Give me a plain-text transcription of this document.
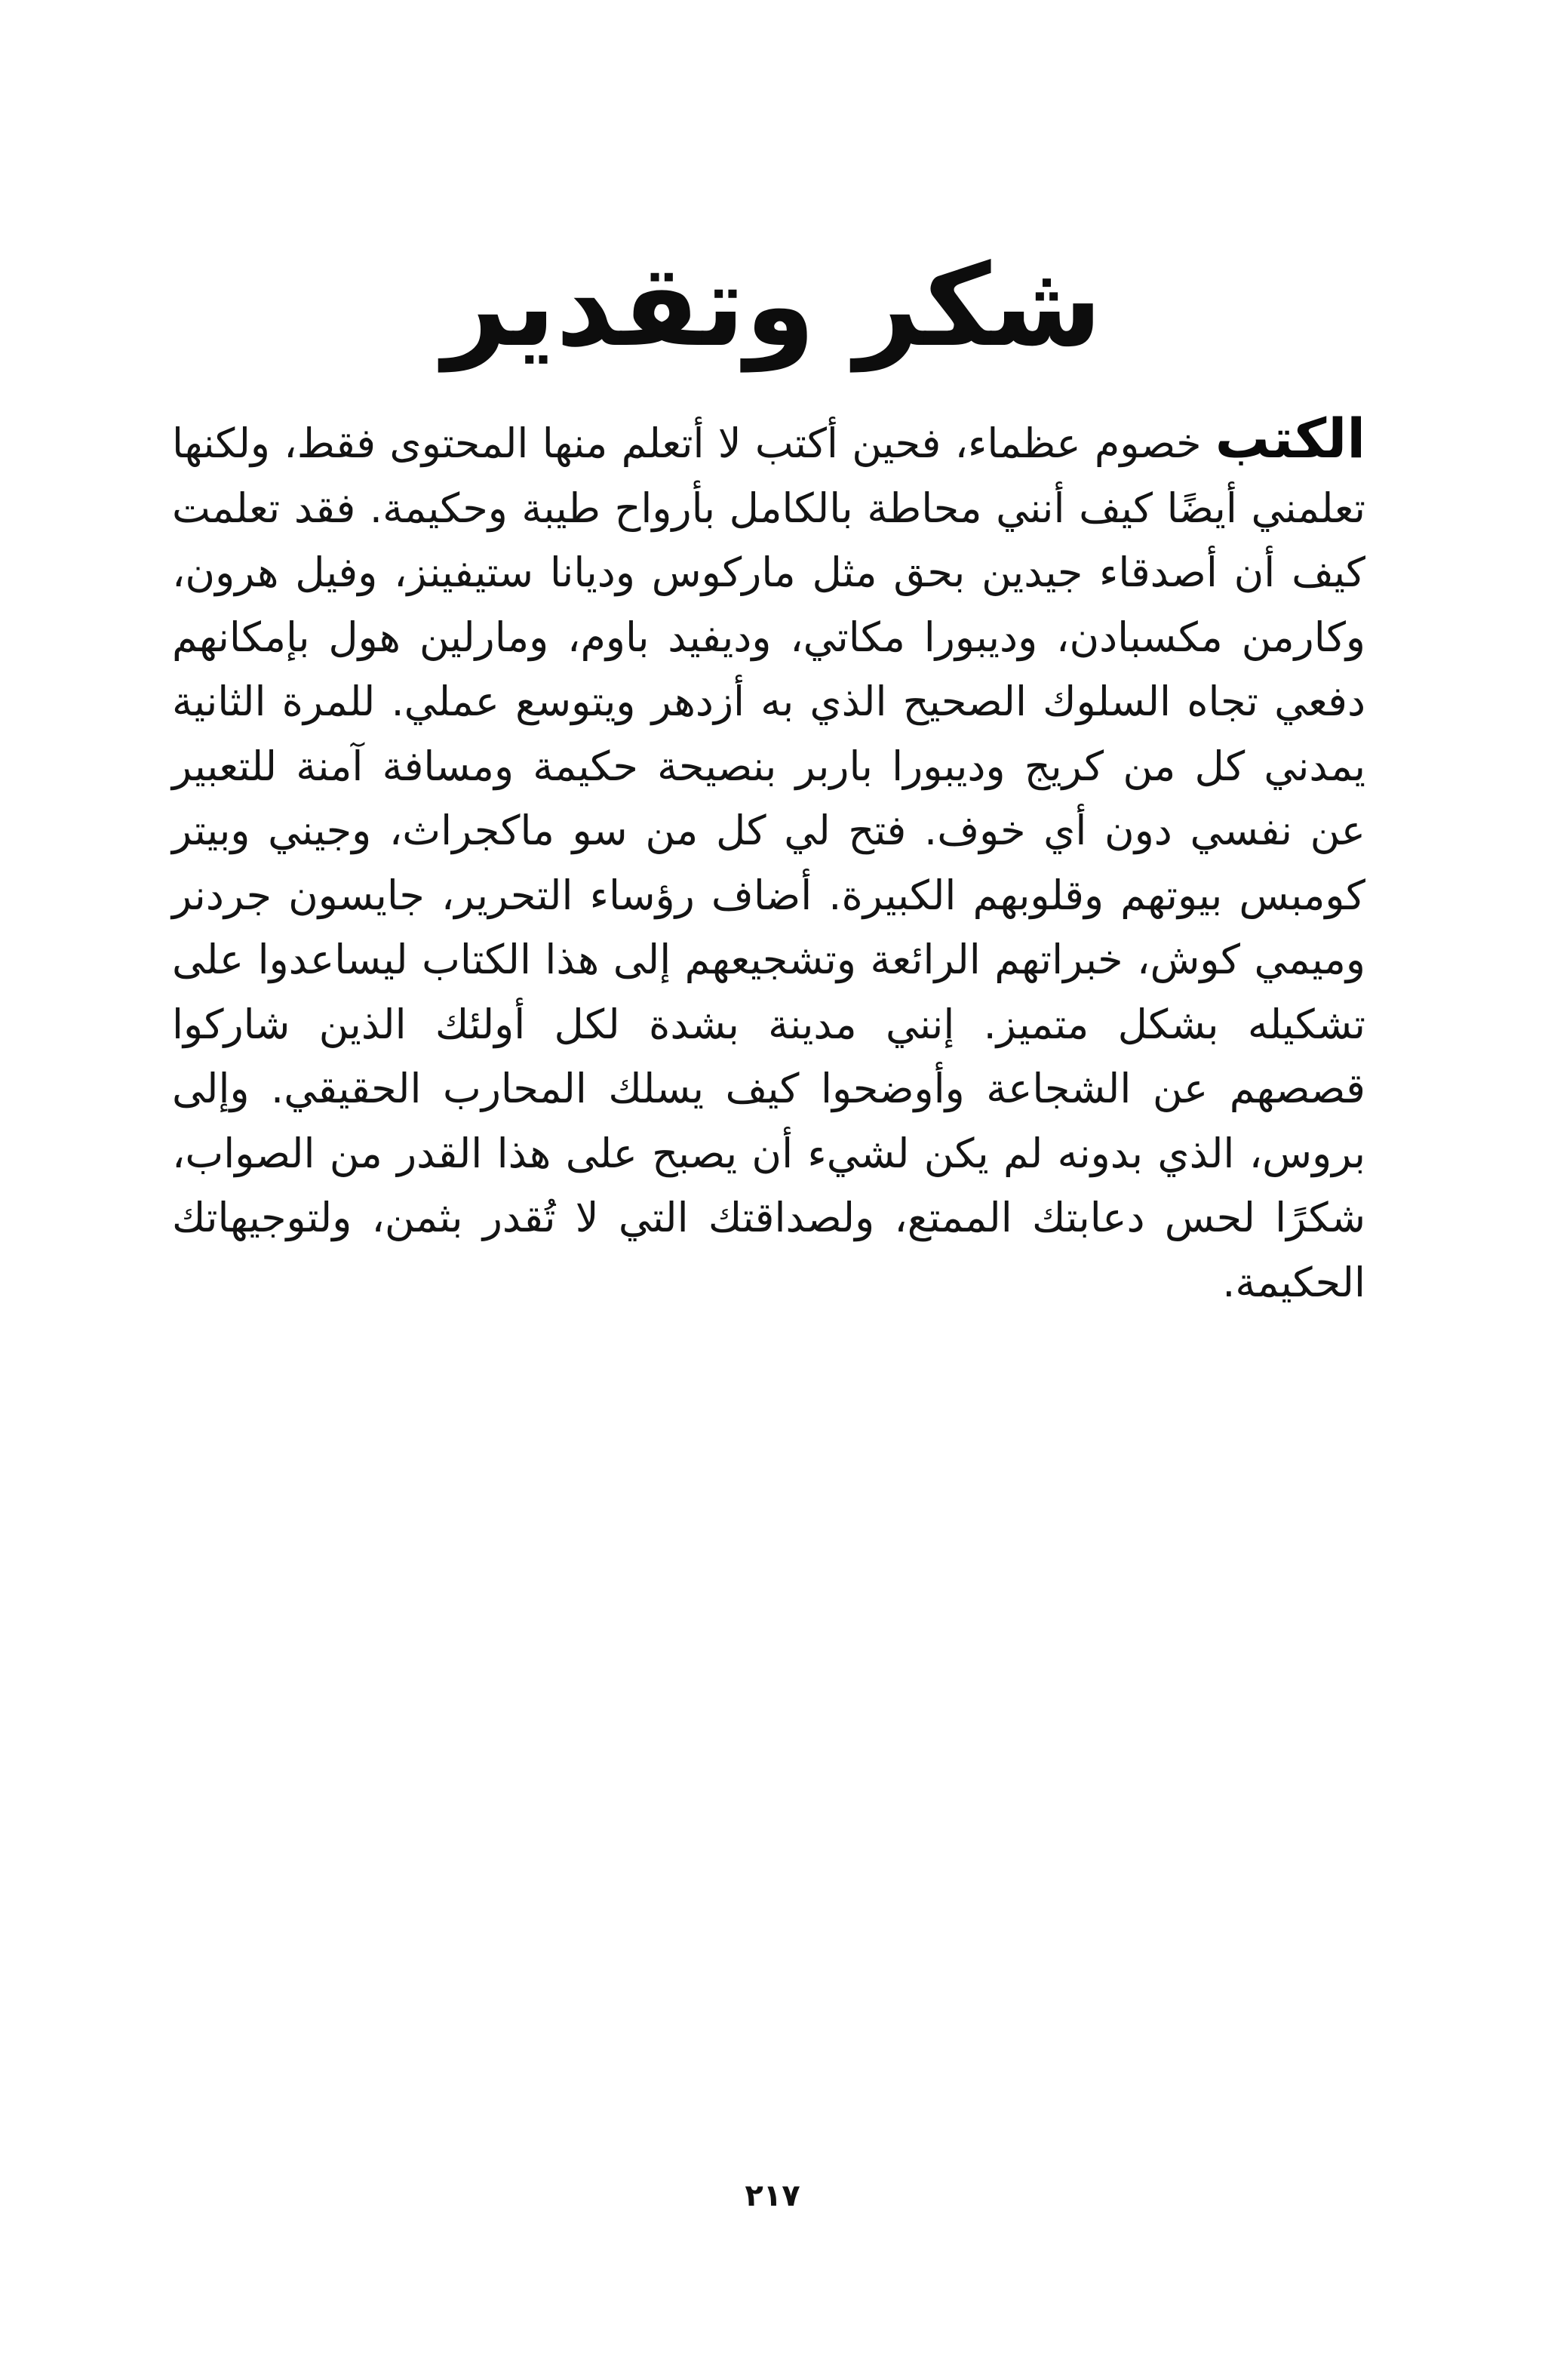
شكر وتقدير

الكتب خصوم عظماء، فحين أكتب لا أتعلم منها المحتوى فقط، ولكنها تعلمني أيضًا كيف أنني محاطة بالكامل بأرواح طيبة وحكيمة. فقد تعلمت كيف أن أصدقاء جيدين بحق مثل ماركوس وديانا ستيفينز، وفيل هرون، وكارمن مكسبادن، وديبورا مكاتي، وديفيد باوم، ومارلين هول بإمكانهم دفعي تجاه السلوك الصحيح الذي به أزدهر ويتوسع عملي. للمرة الثانية يمدني كل من كريج وديبورا باربر بنصيحة حكيمة ومسافة آمنة للتعبير عن نفسي دون أي خوف. فتح لي كل من سو ماكجراث، وجيني وبيتر كومبس بيوتهم وقلوبهم الكبيرة. أضاف رؤساء التحرير، جايسون جردنر وميمي كوش، خبراتهم الرائعة وتشجيعهم إلى هذا الكتاب ليساعدوا على تشكيله بشكل متميز. إنني مدينة بشدة لكل أولئك الذين شاركوا قصصهم عن الشجاعة وأوضحوا كيف يسلك المحارب الحقيقي. وإلى بروس، الذي بدونه لم يكن لشيء أن يصبح على هذا القدر من الصواب، شكرًا لحس دعابتك الممتع، ولصداقتك التي لا تُقدر بثمن، ولتوجيهاتك الحكيمة.

٢١٧
